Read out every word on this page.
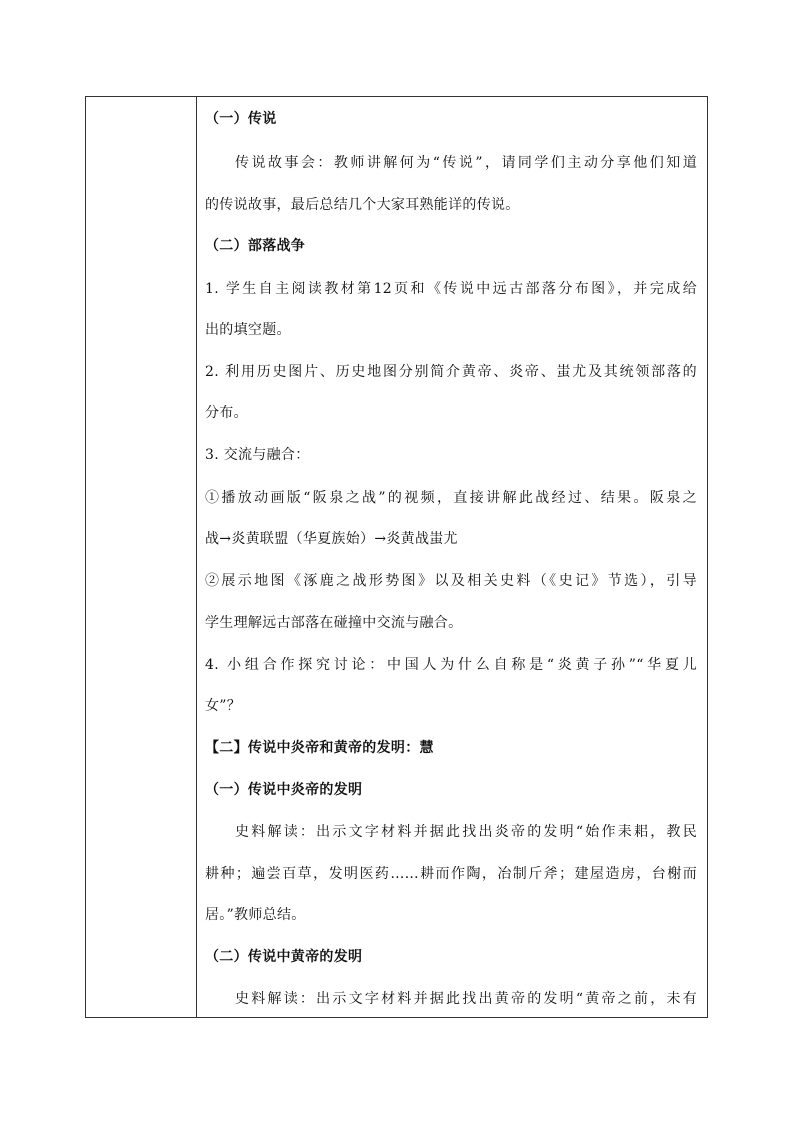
（一）传说
传说故事会：教师讲解何为“传说”，请同学们主动分享他们知道
的传说故事，最后总结几个大家耳熟能详的传说。
（二）部落战争
1. 学生自主阅读教材第12页和《传说中远古部落分布图》，并完成给
出的填空题。
2. 利用历史图片、历史地图分别简介黄帝、炎帝、蚩尤及其统领部落的
分布。
3. 交流与融合：
①播放动画版“阪泉之战”的视频，直接讲解此战经过、结果。阪泉之
战→炎黄联盟（华夏族始）→炎黄战蚩尤
②展示地图《涿鹿之战形势图》以及相关史料（《史记》节选），引导
学生理解远古部落在碰撞中交流与融合。
4. 小组合作探究讨论：中国人为什么自称是“炎黄子孙”“华夏儿
女”？
【二】传说中炎帝和黄帝的发明：慧
（一）传说中炎帝的发明
史料解读：出示文字材料并据此找出炎帝的发明“始作耒耜，教民
耕种；遍尝百草，发明医药……耕而作陶，冶制斤斧；建屋造房，台榭而
居。”教师总结。
（二）传说中黄帝的发明
史料解读：出示文字材料并据此找出黄帝的发明“黄帝之前，未有
